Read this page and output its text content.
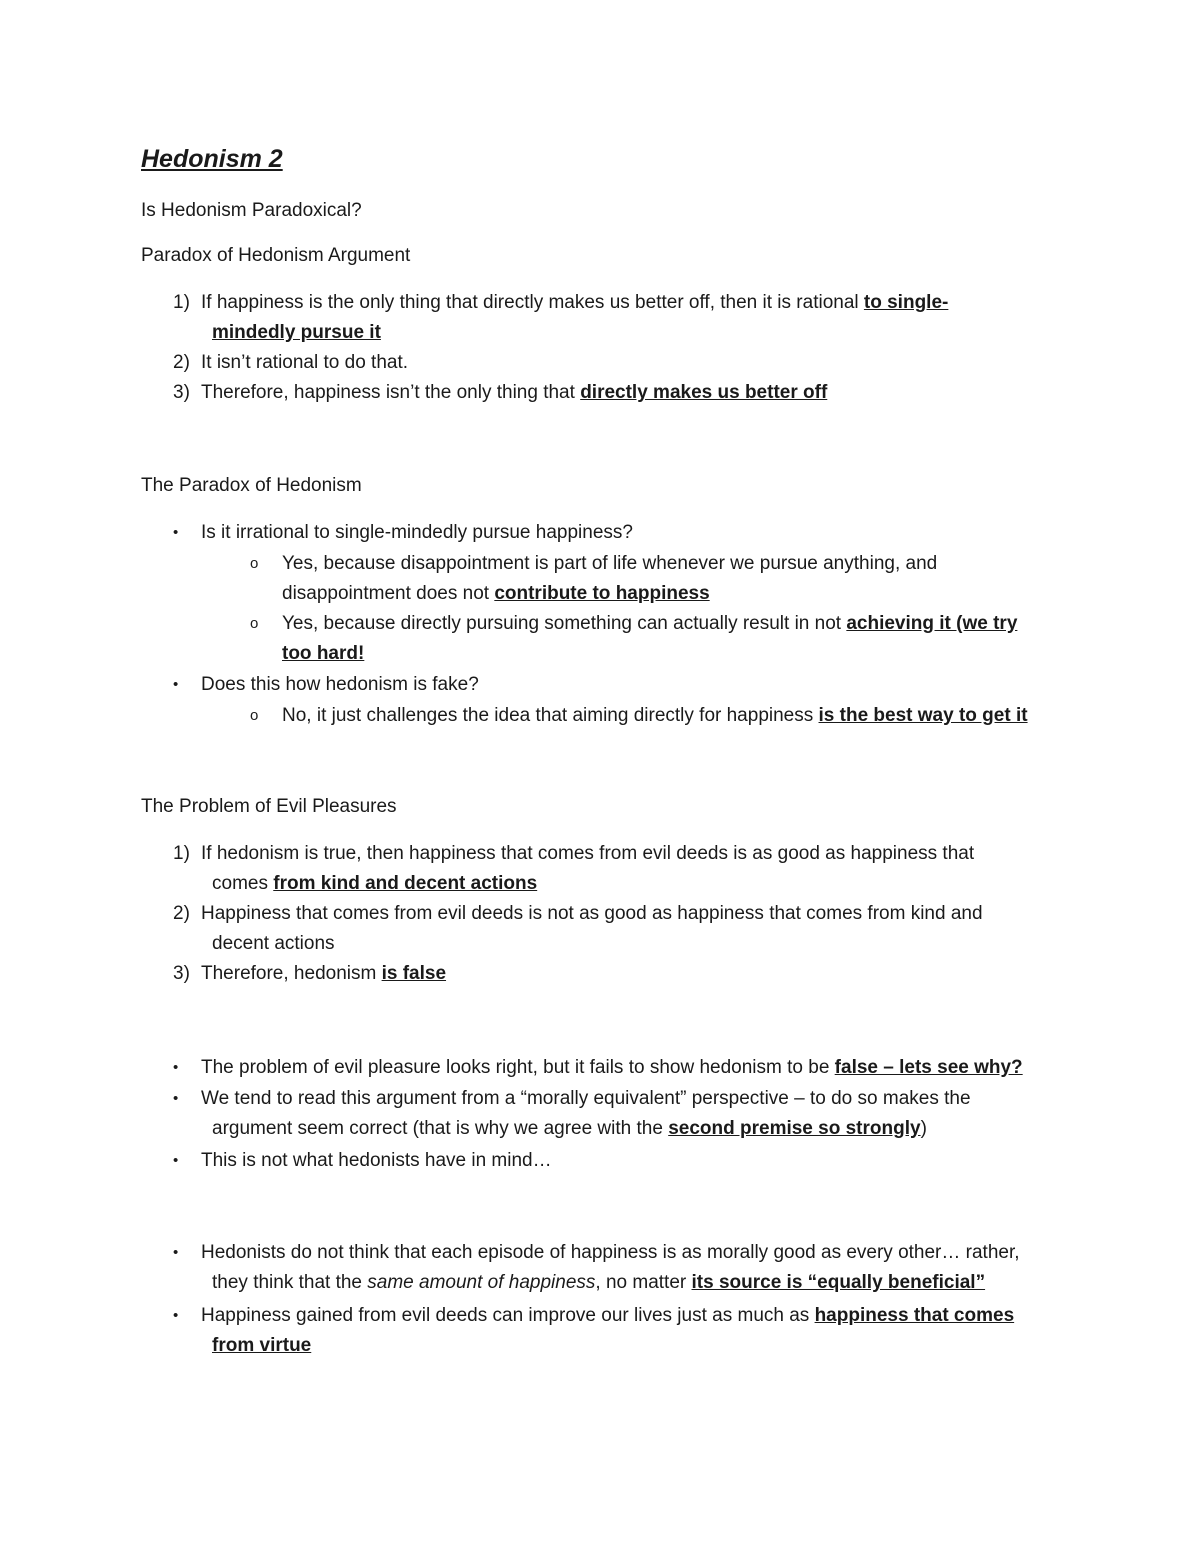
Hedonism 2
Is Hedonism Paradoxical?
Paradox of Hedonism Argument
1) If happiness is the only thing that directly makes us better off, then it is rational to single-
mindedly pursue it
2) It isn’t rational to do that.
3) Therefore, happiness isn’t the only thing that directly makes us better off
The Paradox of Hedonism
• Is it irrational to single-mindedly pursue happiness?
o Yes, because disappointment is part of life whenever we pursue anything, and
disappointment does not contribute to happiness
o Yes, because directly pursuing something can actually result in not achieving it (we try
too hard!
• Does this how hedonism is fake?
o No, it just challenges the idea that aiming directly for happiness is the best way to get it
The Problem of Evil Pleasures
1) If hedonism is true, then happiness that comes from evil deeds is as good as happiness that
comes from kind and decent actions
2) Happiness that comes from evil deeds is not as good as happiness that comes from kind and
decent actions
3) Therefore, hedonism is false
• The problem of evil pleasure looks right, but it fails to show hedonism to be false – lets see why?
• We tend to read this argument from a “morally equivalent” perspective – to do so makes the
argument seem correct (that is why we agree with the second premise so strongly)
• This is not what hedonists have in mind…
• Hedonists do not think that each episode of happiness is as morally good as every other… rather,
they think that the same amount of happiness, no matter its source is “equally beneficial”
• Happiness gained from evil deeds can improve our lives just as much as happiness that comes
from virtue
